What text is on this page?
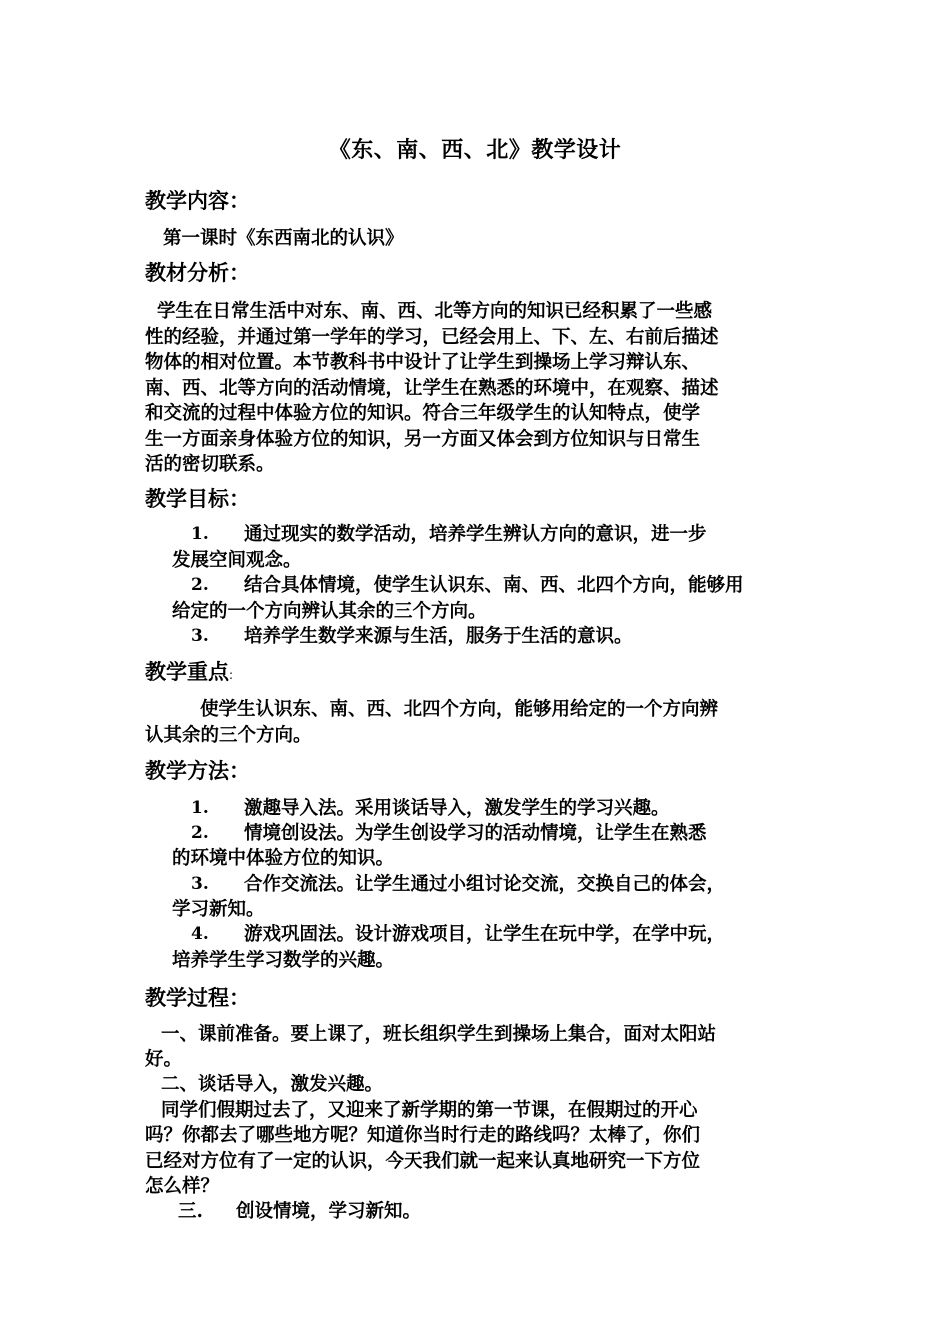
《东、南、西、北》教学设计
教学内容：
第一课时《东西南北的认识》
教材分析：
学生在日常生活中对东、南、西、北等方向的知识已经积累了一些感
性的经验，并通过第一学年的学习，已经会用上、下、左、右前后描述
物体的相对位置。本节教科书中设计了让学生到操场上学习辩认东、
南、西、北等方向的活动情境，让学生在熟悉的环境中，在观察、描述
和交流的过程中体验方位的知识。符合三年级学生的认知特点，使学
生一方面亲身体验方位的知识，另一方面又体会到方位知识与日常生
活的密切联系。
教学目标：
1. 通过现实的数学活动，培养学生辨认方向的意识，进一步
发展空间观念。
2. 结合具体情境，使学生认识东、南、西、北四个方向，能够用
给定的一个方向辨认其余的三个方向。
3. 培养学生数学来源与生活，服务于生活的意识。
教学重点:
使学生认识东、南、西、北四个方向，能够用给定的一个方向辨
认其余的三个方向。
教学方法：
1. 激趣导入法。采用谈话导入，激发学生的学习兴趣。
2. 情境创设法。为学生创设学习的活动情境，让学生在熟悉
的环境中体验方位的知识。
3. 合作交流法。让学生通过小组讨论交流，交换自己的体会，
学习新知。
4. 游戏巩固法。设计游戏项目，让学生在玩中学，在学中玩，
培养学生学习数学的兴趣。
教学过程：
一、课前准备。要上课了，班长组织学生到操场上集合，面对太阳站
好。
二、谈话导入，激发兴趣。
同学们假期过去了，又迎来了新学期的第一节课，在假期过的开心
吗？你都去了哪些地方呢？知道你当时行走的路线吗？太棒了，你们
已经对方位有了一定的认识，今天我们就一起来认真地研究一下方位
怎么样？
三. 创设情境，学习新知。
